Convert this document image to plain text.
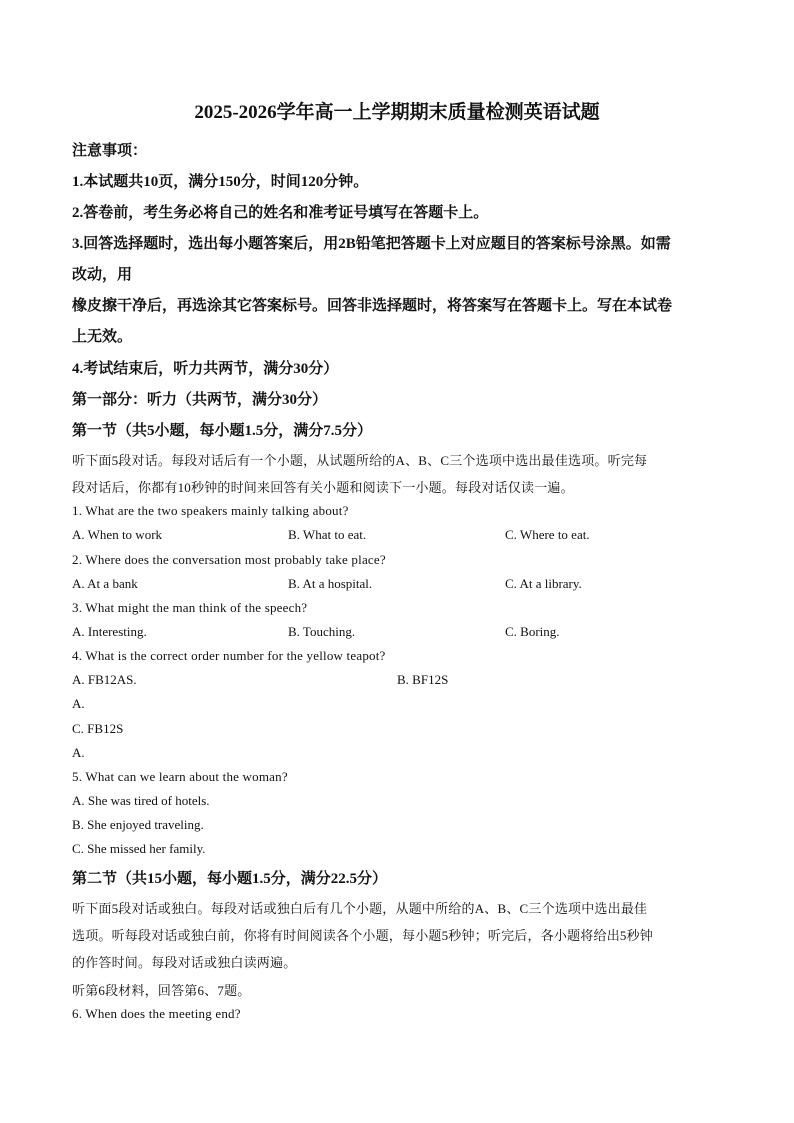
2025-2026学年高一上学期期末质量检测英语试题
注意事项：
1.本试题共10页，满分150分，时间120分钟。
2.答卷前，考生务必将自己的姓名和准考证号填写在答题卡上。
3.回答选择题时，选出每小题答案后，用2B铅笔把答题卡上对应题目的答案标号涂黑。如需
改动，用
橡皮擦干净后，再选涂其它答案标号。回答非选择题时，将答案写在答题卡上。写在本试卷
上无效。
4.考试结束后，听力共两节，满分30分）
第一部分：听力（共两节，满分30分）
第一节（共5小题，每小题1.5分，满分7.5分）
听下面5段对话。每段对话后有一个小题，从试题所给的A、B、C三个选项中选出最佳选项。听完每
段对话后，你都有10秒钟的时间来回答有关小题和阅读下一小题。每段对话仅读一遍。
1. What are the two speakers mainly talking about?
A. When to work	B. What to eat.	C. Where to eat.
2. Where does the conversation most probably take place?
A. At a bank	B. At a hospital.	C. At a library.
3. What might the man think of the speech?
A. Interesting.	B. Touching.	C. Boring.
4. What is the correct order number for the yellow teapot?
A. FB12AS.	B. BF12S
A.
C. FB12S
A.
5. What can we learn about the woman?
A. She was tired of hotels.
B. She enjoyed traveling.
C. She missed her family.
第二节（共15小题，每小题1.5分，满分22.5分）
听下面5段对话或独白。每段对话或独白后有几个小题，从题中所给的A、B、C三个选项中选出最佳
选项。听每段对话或独白前，你将有时间阅读各个小题，每小题5秒钟；听完后，各小题将给出5秒钟
的作答时间。每段对话或独白读两遍。
听第6段材料，回答第6、7题。
6. When does the meeting end?
